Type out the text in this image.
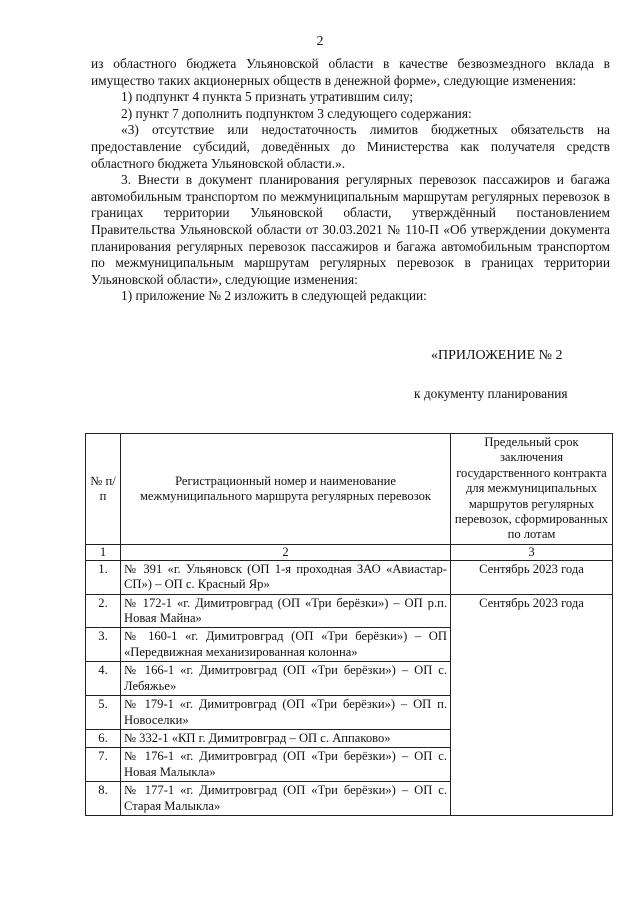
2

из областного бюджета Ульяновской области в качестве безвозмездного вклада в имущество таких акционерных обществ в денежной форме», следующие изменения:

1) подпункт 4 пункта 5 признать утратившим силу;

2) пункт 7 дополнить подпунктом 3 следующего содержания:

«3) отсутствие или недостаточность лимитов бюджетных обязательств на предоставление субсидий, доведённых до Министерства как получателя средств областного бюджета Ульяновской области.».

3. Внести в документ планирования регулярных перевозок пассажиров и багажа автомобильным транспортом по межмуниципальным маршрутам регулярных перевозок в границах территории Ульяновской области, утверждённый постановлением Правительства Ульяновской области от 30.03.2021 № 110-П «Об утверждении документа планирования регулярных перевозок пассажиров и багажа автомобильным транспортом по межмуниципальным маршрутам регулярных перевозок в границах территории Ульяновской области», следующие изменения:

1) приложение № 2 изложить в следующей редакции:

«ПРИЛОЖЕНИЕ № 2
к документу планирования
№ п/п	Регистрационный номер и наименование межмуниципального маршрута регулярных перевозок	Предельный срок заключения государственного контракта для межмуниципальных маршрутов регулярных перевозок, сформированных по лотам
1	2	3
1.	№ 391 «г. Ульяновск (ОП 1-я проходная ЗАО «Авиастар-СП») – ОП с. Красный Яр»	Сентябрь 2023 года
2.	№ 172-1 «г. Димитровград (ОП «Три берёзки») – ОП р.п. Новая Майна»	Сентябрь 2023 года
3.	№ 160-1 «г. Димитровград (ОП «Три берёзки») – ОП «Передвижная механизированная колонна»	
4.	№ 166-1 «г. Димитровград (ОП «Три берёзки») – ОП с. Лебяжье»	
5.	№ 179-1 «г. Димитровград (ОП «Три берёзки») – ОП п. Новоселки»	
6.	№ 332-1 «КП г. Димитровград – ОП с. Аппаково»	
7.	№ 176-1 «г. Димитровград (ОП «Три берёзки») – ОП с. Новая Малыкла»	
8.	№ 177-1 «г. Димитровград (ОП «Три берёзки») – ОП с. Старая Малыкла»	
